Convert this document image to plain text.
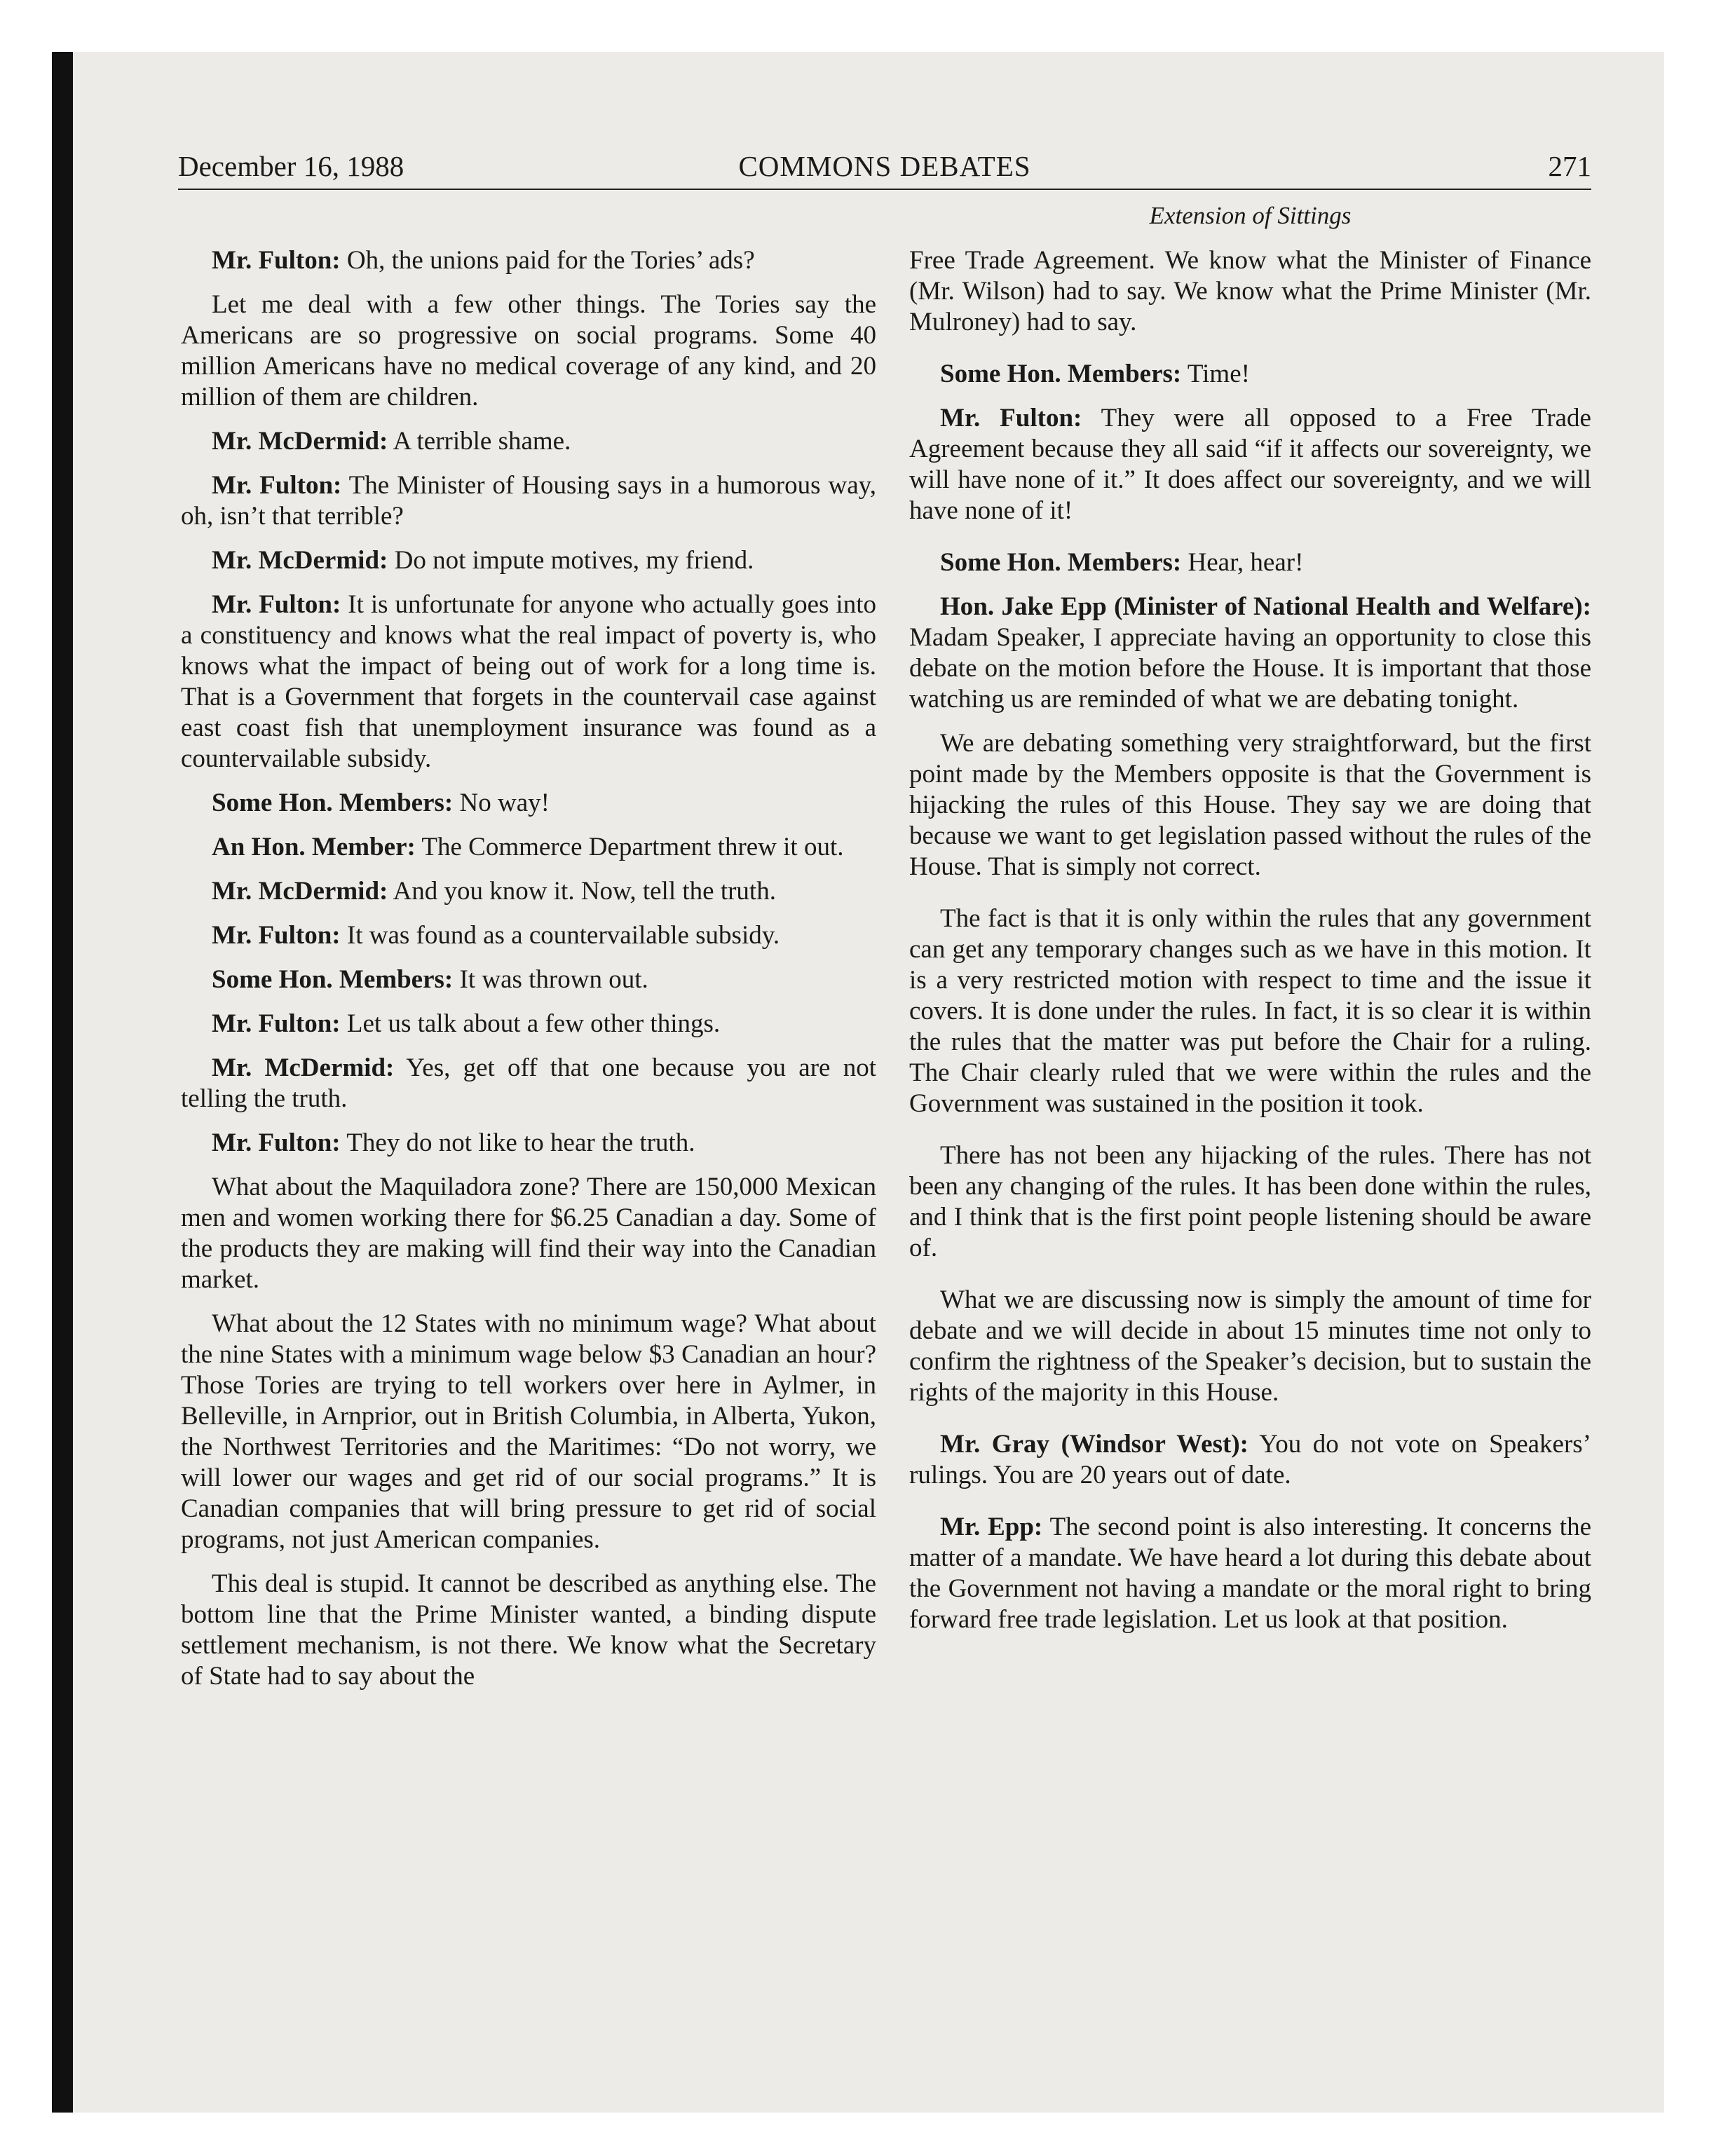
December 16, 1988	COMMONS DEBATES	271
Extension of Sittings

Mr. Fulton: Oh, the unions paid for the Tories’ ads?

Let me deal with a few other things. The Tories say the Americans are so progressive on social programs. Some 40 million Americans have no medical coverage of any kind, and 20 million of them are children.

Mr. McDermid: A terrible shame.

Mr. Fulton: The Minister of Housing says in a humorous way, oh, isn’t that terrible?

Mr. McDermid: Do not impute motives, my friend.

Mr. Fulton: It is unfortunate for anyone who actually goes into a constituency and knows what the real impact of poverty is, who knows what the impact of being out of work for a long time is. That is a Government that forgets in the countervail case against east coast fish that unemployment insurance was found as a countervailable subsidy.

Some Hon. Members: No way!

An Hon. Member: The Commerce Department threw it out.

Mr. McDermid: And you know it. Now, tell the truth.

Mr. Fulton: It was found as a countervailable subsidy.

Some Hon. Members: It was thrown out.

Mr. Fulton: Let us talk about a few other things.

Mr. McDermid: Yes, get off that one because you are not telling the truth.

Mr. Fulton: They do not like to hear the truth.

What about the Maquiladora zone? There are 150,000 Mexican men and women working there for $6.25 Canadian a day. Some of the products they are making will find their way into the Canadian market.

What about the 12 States with no minimum wage? What about the nine States with a minimum wage below $3 Canadian an hour? Those Tories are trying to tell workers over here in Aylmer, in Belleville, in Arnprior, out in British Columbia, in Alberta, Yukon, the Northwest Territories and the Maritimes: “Do not worry, we will lower our wages and get rid of our social programs.” It is Canadian companies that will bring pressure to get rid of social programs, not just American companies.

This deal is stupid. It cannot be described as anything else. The bottom line that the Prime Minister wanted, a binding dispute settlement mechanism, is not there. We know what the Secretary of State had to say about the

Free Trade Agreement. We know what the Minister of Finance (Mr. Wilson) had to say. We know what the Prime Minister (Mr. Mulroney) had to say.

Some Hon. Members: Time!

Mr. Fulton: They were all opposed to a Free Trade Agreement because they all said “if it affects our sovereignty, we will have none of it.” It does affect our sovereignty, and we will have none of it!

Some Hon. Members: Hear, hear!

Hon. Jake Epp (Minister of National Health and Welfare): Madam Speaker, I appreciate having an opportunity to close this debate on the motion before the House. It is important that those watching us are reminded of what we are debating tonight.

We are debating something very straightforward, but the first point made by the Members opposite is that the Government is hijacking the rules of this House. They say we are doing that because we want to get legislation passed without the rules of the House. That is simply not correct.

The fact is that it is only within the rules that any government can get any temporary changes such as we have in this motion. It is a very restricted motion with respect to time and the issue it covers. It is done under the rules. In fact, it is so clear it is within the rules that the matter was put before the Chair for a ruling. The Chair clearly ruled that we were within the rules and the Government was sustained in the position it took.

There has not been any hijacking of the rules. There has not been any changing of the rules. It has been done within the rules, and I think that is the first point people listening should be aware of.

What we are discussing now is simply the amount of time for debate and we will decide in about 15 minutes time not only to confirm the rightness of the Speaker’s decision, but to sustain the rights of the majority in this House.

Mr. Gray (Windsor West): You do not vote on Speakers’ rulings. You are 20 years out of date.

Mr. Epp: The second point is also interesting. It concerns the matter of a mandate. We have heard a lot during this debate about the Government not having a mandate or the moral right to bring forward free trade legislation. Let us look at that position.
